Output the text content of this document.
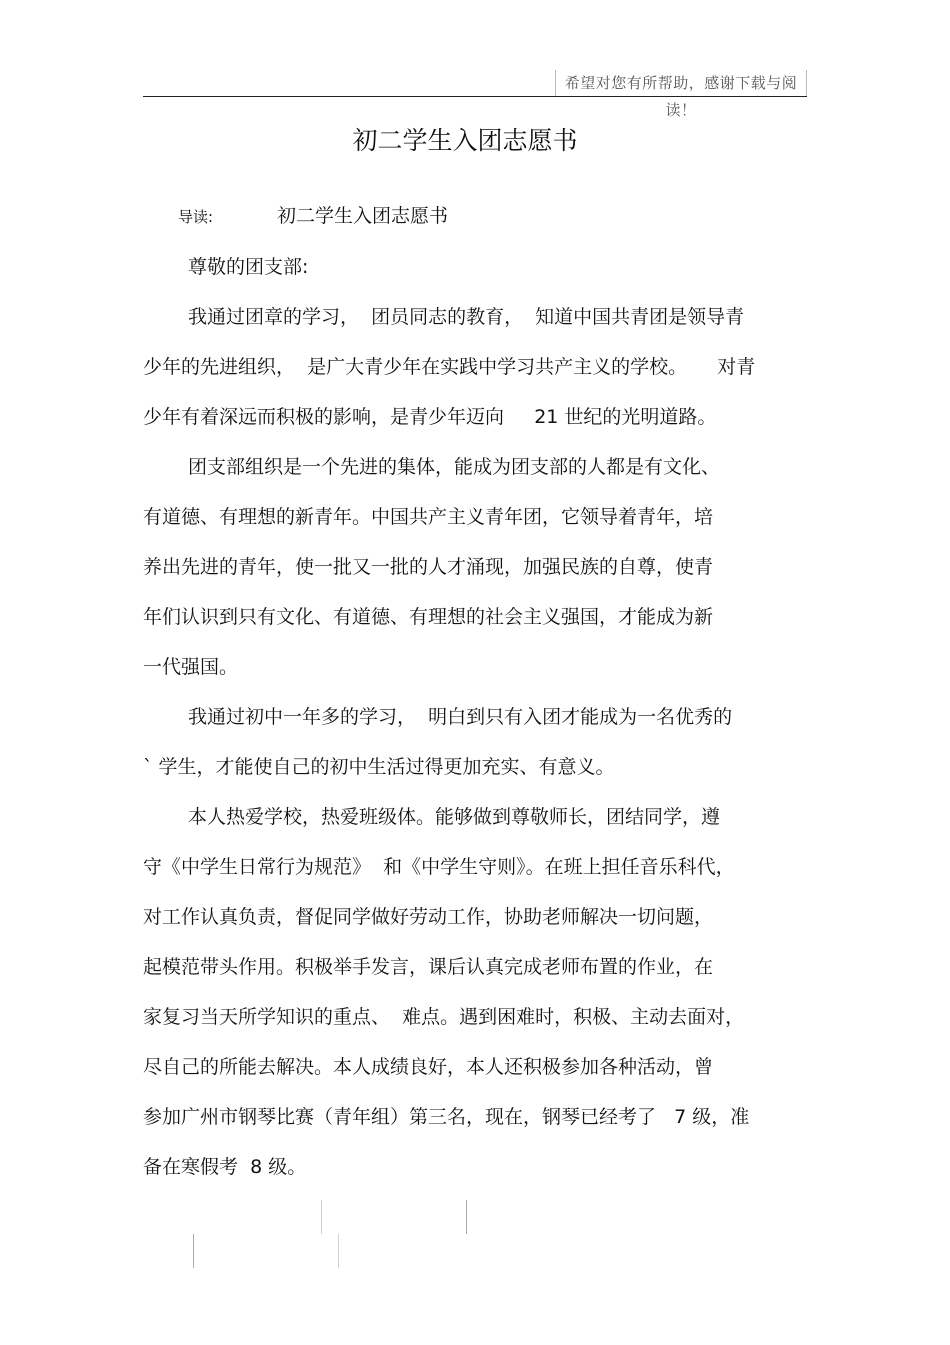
希望对您有所帮助，感谢下载与阅读！
初二学生入团志愿书
导读:	初二学生入团志愿书
尊敬的团支部:
我通过团章的学习，  团员同志的教育，  知道中国共青团是领导青
少年的先进组织，  是广大青少年在实践中学习共产主义的学校。     对青
少年有着深远而积极的影响，是青少年迈向     21 世纪的光明道路。
团支部组织是一个先进的集体，能成为团支部的人都是有文化、
有道德、有理想的新青年。中国共产主义青年团，它领导着青年，培
养出先进的青年，使一批又一批的人才涌现，加强民族的自尊，使青
年们认识到只有文化、有道德、有理想的社会主义强国，才能成为新
一代强国。
我通过初中一年多的学习，  明白到只有入团才能成为一名优秀的
` 学生，才能使自己的初中生活过得更加充实、有意义。
本人热爱学校，热爱班级体。能够做到尊敬师长，团结同学，遵
守《中学生日常行为规范》  和《中学生守则》。在班上担任音乐科代，
对工作认真负责，督促同学做好劳动工作，协助老师解决一切问题，
起模范带头作用。积极举手发言，课后认真完成老师布置的作业，在
家复习当天所学知识的重点、  难点。遇到困难时，积极、主动去面对，
尽自己的所能去解决。本人成绩良好，本人还积极参加各种活动，曾
参加广州市钢琴比赛（青年组）第三名，现在，钢琴已经考了   7 级，准
备在寒假考  8 级。
